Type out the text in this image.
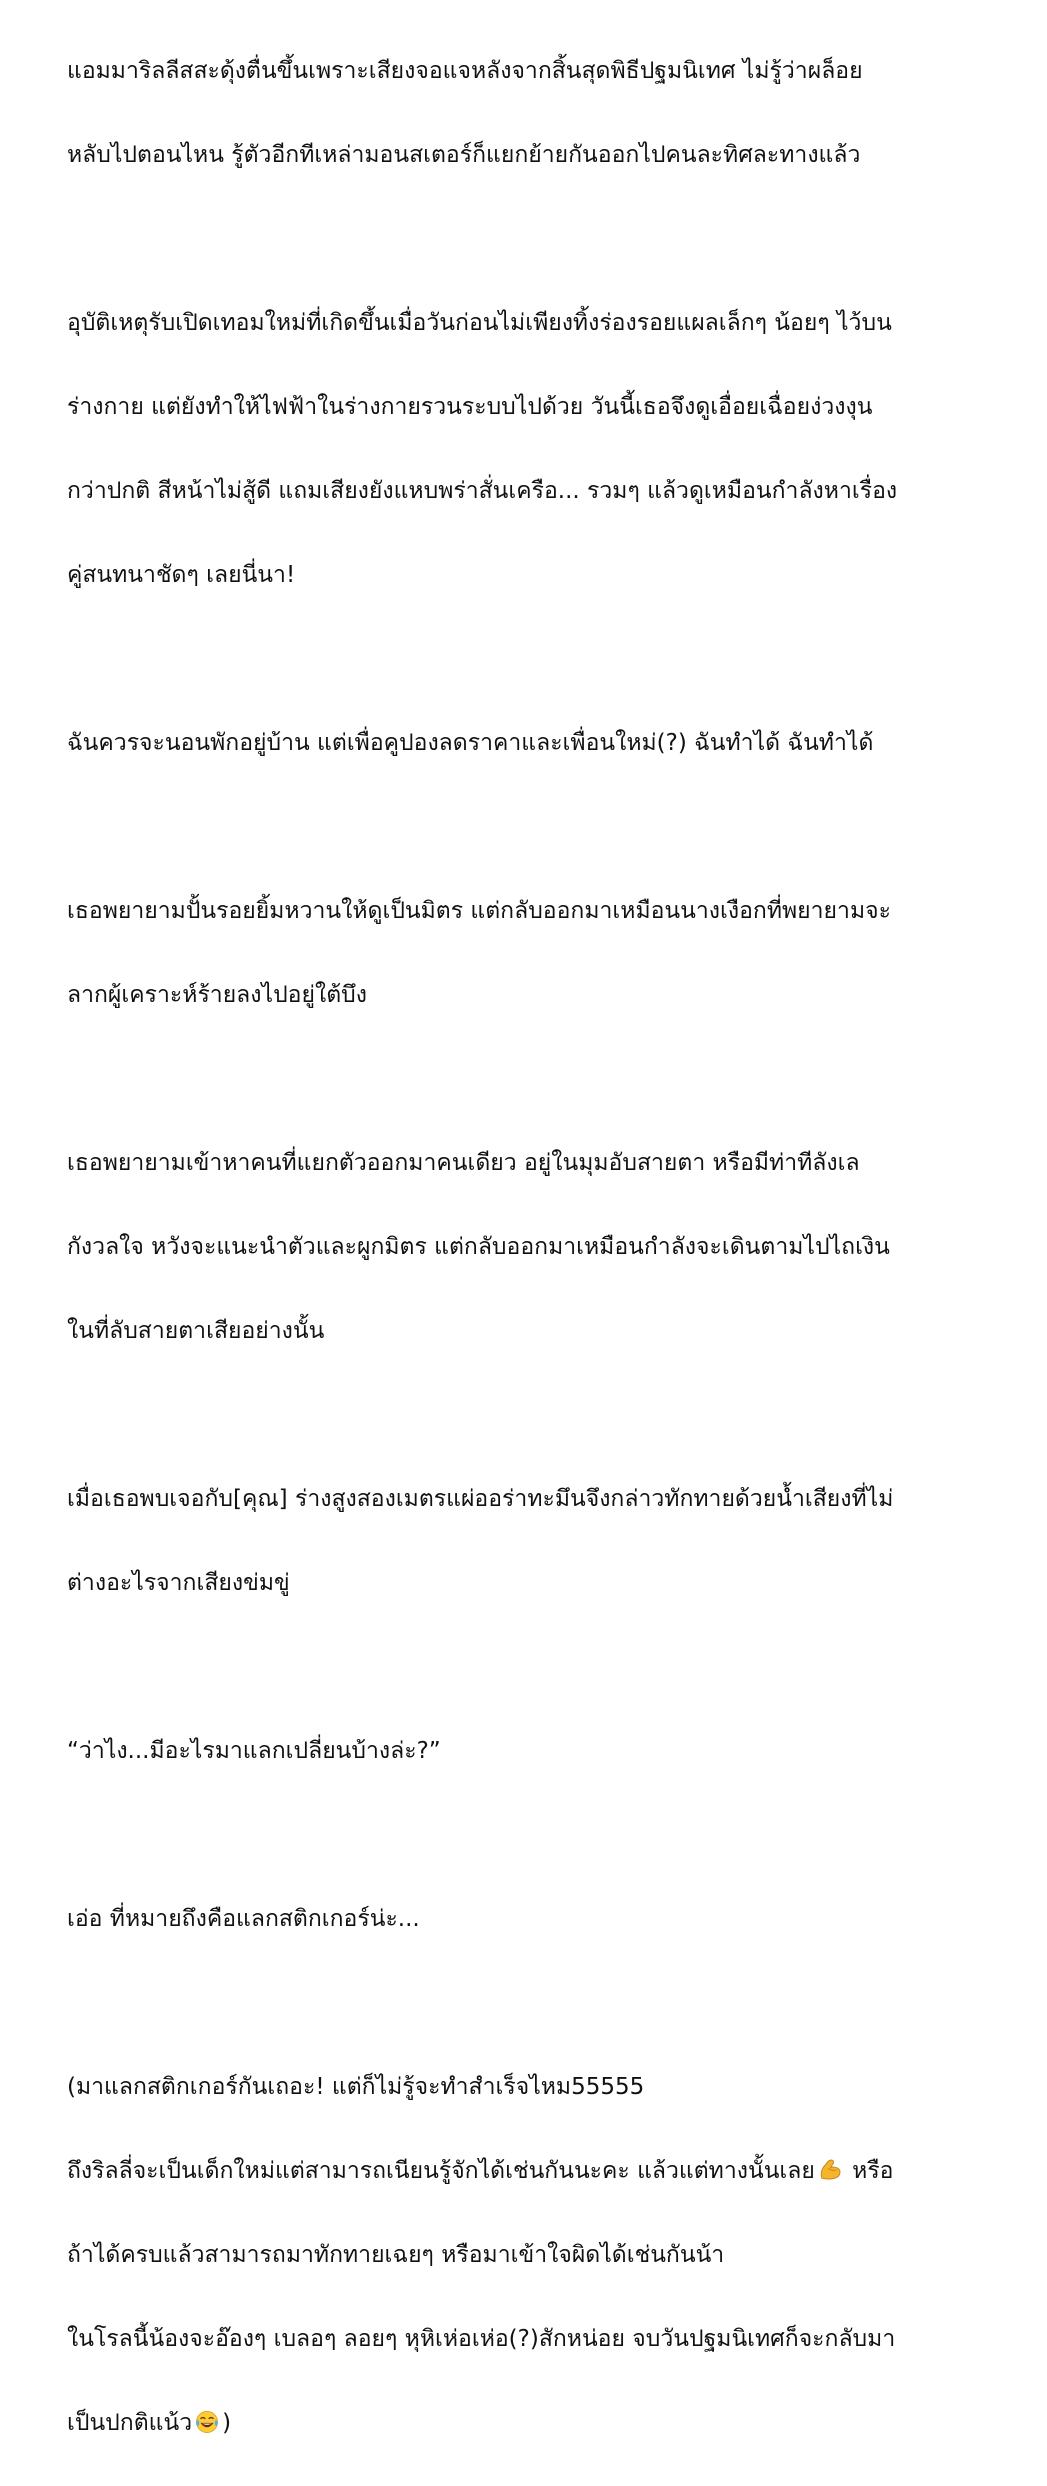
แอมมาริลลีสสะดุ้งตื่นขึ้นเพราะเสียงจอแจหลังจากสิ้นสุดพิธีปฐมนิเทศ ไม่รู้ว่าผล็อย

หลับไปตอนไหน รู้ตัวอีกทีเหล่ามอนสเตอร์ก็แยกย้ายกันออกไปคนละทิศละทางแล้ว

อุบัติเหตุรับเปิดเทอมใหม่ที่เกิดขึ้นเมื่อวันก่อนไม่เพียงทิ้งร่องรอยแผลเล็กๆ น้อยๆ ไว้บน

ร่างกาย แต่ยังทำให้ไฟฟ้าในร่างกายรวนระบบไปด้วย วันนี้เธอจึงดูเอื่อยเฉื่อยง่วงงุน

กว่าปกติ สีหน้าไม่สู้ดี แถมเสียงยังแหบพร่าสั่นเครือ... รวมๆ แล้วดูเหมือนกำลังหาเรื่อง

คู่สนทนาชัดๆ เลยนี่นา!

ฉันควรจะนอนพักอยู่บ้าน แต่เพื่อคูปองลดราคาและเพื่อนใหม่(?) ฉันทำได้ ฉันทำได้

เธอพยายามปั้นรอยยิ้มหวานให้ดูเป็นมิตร แต่กลับออกมาเหมือนนางเงือกที่พยายามจะ

ลากผู้เคราะห์ร้ายลงไปอยู่ใต้บึง

เธอพยายามเข้าหาคนที่แยกตัวออกมาคนเดียว อยู่ในมุมอับสายตา หรือมีท่าทีลังเล

กังวลใจ หวังจะแนะนำตัวและผูกมิตร แต่กลับออกมาเหมือนกำลังจะเดินตามไปไถเงิน

ในที่ลับสายตาเสียอย่างนั้น

เมื่อเธอพบเจอกับ[คุณ] ร่างสูงสองเมตรแผ่ออร่าทะมึนจึงกล่าวทักทายด้วยน้ำเสียงที่ไม่

ต่างอะไรจากเสียงข่มขู่

“ว่าไง...มีอะไรมาแลกเปลี่ยนบ้างล่ะ?”

เอ่อ ที่หมายถึงคือแลกสติกเกอร์น่ะ...

(มาแลกสติกเกอร์กันเถอะ! แต่ก็ไม่รู้จะทำสำเร็จไหม55555

ถึงริลลี่จะเป็นเด็กใหม่แต่สามารถเนียนรู้จักได้เช่นกันนะคะ แล้วแต่ทางนั้นเลย หรือ

ถ้าได้ครบแล้วสามารถมาทักทายเฉยๆ หรือมาเข้าใจผิดได้เช่นกันน้า

ในโรลนี้น้องจะอ๊องๆ เบลอๆ ลอยๆ หุหิเห่อเห่อ(?)สักหน่อย จบวันปฐมนิเทศก็จะกลับมา

เป็นปกติแน้ว )
